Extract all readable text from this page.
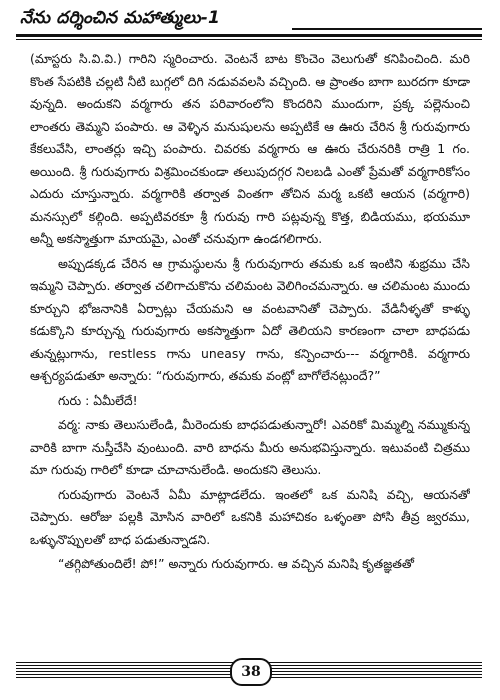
నేను దర్శించిన మహాత్ములు-1

(మాస్టరు సి.వి.వి.) గారిని స్మరించారు. వెంటనే బాట కొంచెం వెలుగుతో కనిపించింది. మరి కొంత సేపటికి చల్లటి నీటి బుగ్గలో దిగి నడువవలసి వచ్చింది. ఆ ప్రాంతం బాగా బురదగా కూడా వున్నది. అందుకని వర్మగారు తన పరివారంలోని కొందరిని ముందుగా, ప్రక్క పల్లెనుంచి లాంతరు తెమ్మని పంపారు. ఆ వెళ్ళిన మనుషులను అప్పటికే ఆ ఊరు చేరిన శ్రీ గురువుగారు కేకలువేసి, లాంతర్లు ఇచ్చి పంపారు. చివరకు వర్మగారు ఆ ఊరు చేరునరికి రాత్రి 1 గం. అయింది. శ్రీ గురువుగారు విశ్రమించకుండా తలుపుదగ్గర నిలబడి ఎంతో ప్రేమతో వర్మగారికోసం ఎదురు చూస్తున్నారు. వర్మగారికి తర్వాత వింతగా తోచిన మర్మ ఒకటి ఆయన (వర్మగారి) మనస్సులో కల్గింది. అప్పటివరకూ శ్రీ గురువు గారి పట్లవున్న కొత్త, బిడియము, భయమూ అన్నీ అకస్మాత్తుగా మాయమై, ఎంతో చనువుగా ఉండగలిగారు.

అప్పుడక్కడ చేరిన ఆ గ్రామస్థులను శ్రీ గురువుగారు తమకు ఒక ఇంటిని శుభ్రము చేసి ఇమ్మని చెప్పారు. తర్వాత చలిగాచుకొను చలిమంట వెలిగించమన్నారు. ఆ చలిమంట ముందు కూర్చుని భోజనానికి ఏర్పాట్లు చేయమని ఆ వంటవానితో చెప్పారు. వేడినీళ్ళతో కాళ్ళు కడుక్కొని కూర్చున్న గురువుగారు అకస్మాత్తుగా ఏదో తెలియని కారణంగా చాలా బాధపడు తున్నట్లుగాను, restless గాను uneasy గాను, కన్పించారు--- వర్మగారికి. వర్మగారు ఆశ్చర్యపడుతూ అన్నారు: “గురువుగారు, తమకు వంట్లో బాగోలేనట్లుందే?”

గురు : ఏమీలేదే!

వర్మ: నాకు తెలుసులేండి, మీరెందుకు బాధపడుతున్నారో! ఎవరికో మిమ్మల్ని నమ్ముకున్న వారికి బాగా నుస్తీచేసి వుంటుంది. వారి బాధను మీరు అనుభవిస్తున్నారు. ఇటువంటి చిత్రము మా గురువు గారిలో కూడా చూచానులేండి. అందుకని తెలుసు.

గురువుగారు వెంటనే ఏమీ మాట్లాడలేదు. ఇంతలో ఒక మనిషి వచ్చి, ఆయనతో చెప్పారు. ఆరోజు పల్లకి మోసిన వారిలో ఒకనికి మహాచికం ఒళ్ళంతా పోసి తీవ్ర జ్వరము, ఒళ్ళునొప్పులతో బాధ పడుతున్నాడని.

“తగ్గిపోతుందిలే! పో!” అన్నారు గురువుగారు. ఆ వచ్చిన మనిషి కృతజ్ఞతతో

38
